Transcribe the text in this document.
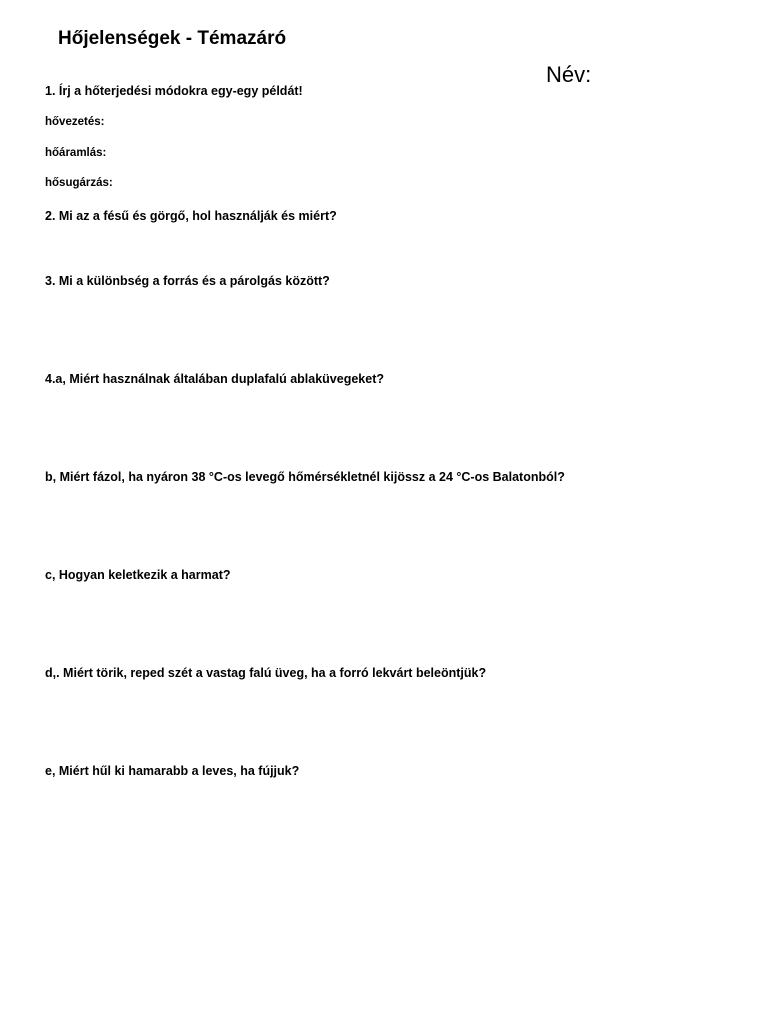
Hőjelenségek - Témazáró
Név:
1. Írj a hőterjedési módokra egy-egy példát!
hővezetés:
hőáramlás:
hősugárzás:
2. Mi az a fésű és görgő, hol használják és miért?
3. Mi a különbség a forrás és a párolgás között?
4.a, Miért használnak általában duplafalú ablaküvegeket?
b, Miért fázol, ha nyáron 38 °C-os levegő hőmérsékletnél kijössz a 24 °C-os Balatonból?
c, Hogyan keletkezik a harmat?
d,. Miért törik, reped szét a vastag falú üveg, ha a forró lekvárt beleöntjük?
e, Miért hűl ki hamarabb a leves, ha fújjuk?
